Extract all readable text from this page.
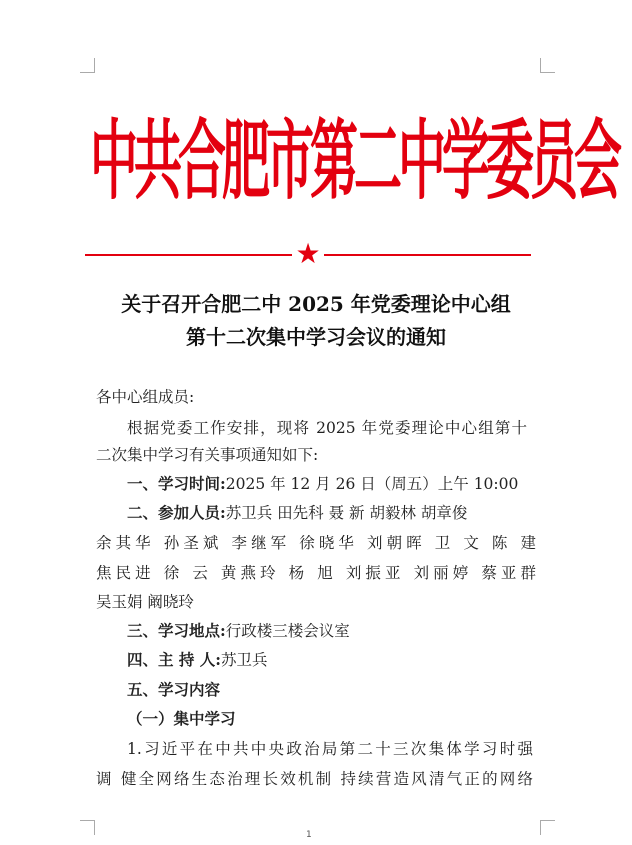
中共合肥市第二中学委员会
★
关于召开合肥二中 2025 年党委理论中心组
第十二次集中学习会议的通知
各中心组成员:
根据党委工作安排，现将 2025 年党委理论中心组第十
二次集中学习有关事项通知如下:
一、学习时间:2025 年 12 月 26 日（周五）上午 10:00
二、参加人员:苏卫兵 田先科 聂 新 胡毅林 胡章俊
余其华 孙圣斌 李继军 徐晓华 刘朝晖 卫 文 陈 建
焦民进 徐 云 黄燕玲 杨 旭 刘振亚 刘丽婷 蔡亚群
吴玉娟 阚晓玲
三、学习地点:行政楼三楼会议室
四、主 持 人:苏卫兵
五、学习内容
（一）集中学习
1.习近平在中共中央政治局第二十三次集体学习时强
调 健全网络生态治理长效机制 持续营造风清气正的网络
1
